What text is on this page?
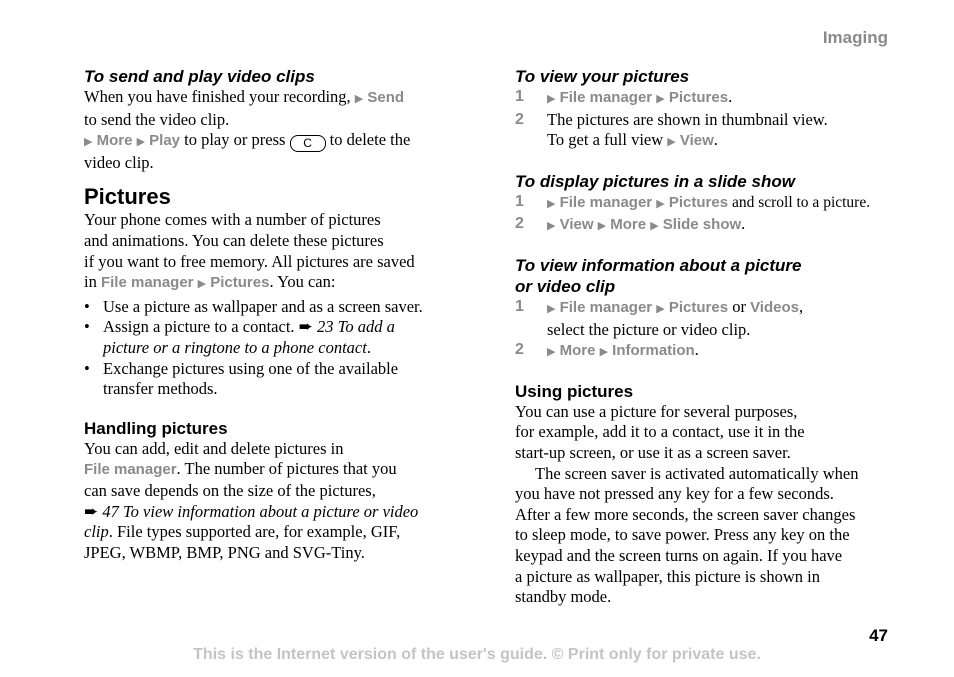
Imaging
To send and play video clips

When you have finished your recording, ▶ Send

to send the video clip.

▶ More ▶ Play to play or press C to delete the

video clip.

Pictures

Your phone comes with a number of pictures

and animations. You can delete these pictures

if you want to free memory. All pictures are saved

in File manager ▶ Pictures. You can:

• Use a picture as wallpaper and as a screen saver.
• Assign a picture to a contact. ➨ 23 To add a
picture or a ringtone to a phone contact.
• Exchange pictures using one of the available
transfer methods.
Handling pictures

You can add, edit and delete pictures in

File manager. The number of pictures that you

can save depends on the size of the pictures,

➨ 47 To view information about a picture or video

clip. File types supported are, for example, GIF,

JPEG, WBMP, BMP, PNG and SVG-Tiny.

To view your pictures
1 ▶ File manager ▶ Pictures.
2 The pictures are shown in thumbnail view.
To get a full view ▶ View.
To display pictures in a slide show
1 ▶ File manager ▶ Pictures and scroll to a picture.
2 ▶ View ▶ More ▶ Slide show.
To view information about a picture
or video clip
1 ▶ File manager ▶ Pictures or Videos,
select the picture or video clip.
2 ▶ More ▶ Information.
Using pictures

You can use a picture for several purposes,

for example, add it to a contact, use it in the

start-up screen, or use it as a screen saver.

The screen saver is activated automatically when

you have not pressed any key for a few seconds.

After a few more seconds, the screen saver changes

to sleep mode, to save power. Press any key on the

keypad and the screen turns on again. If you have

a picture as wallpaper, this picture is shown in

standby mode.

47
This is the Internet version of the user's guide. © Print only for private use.
